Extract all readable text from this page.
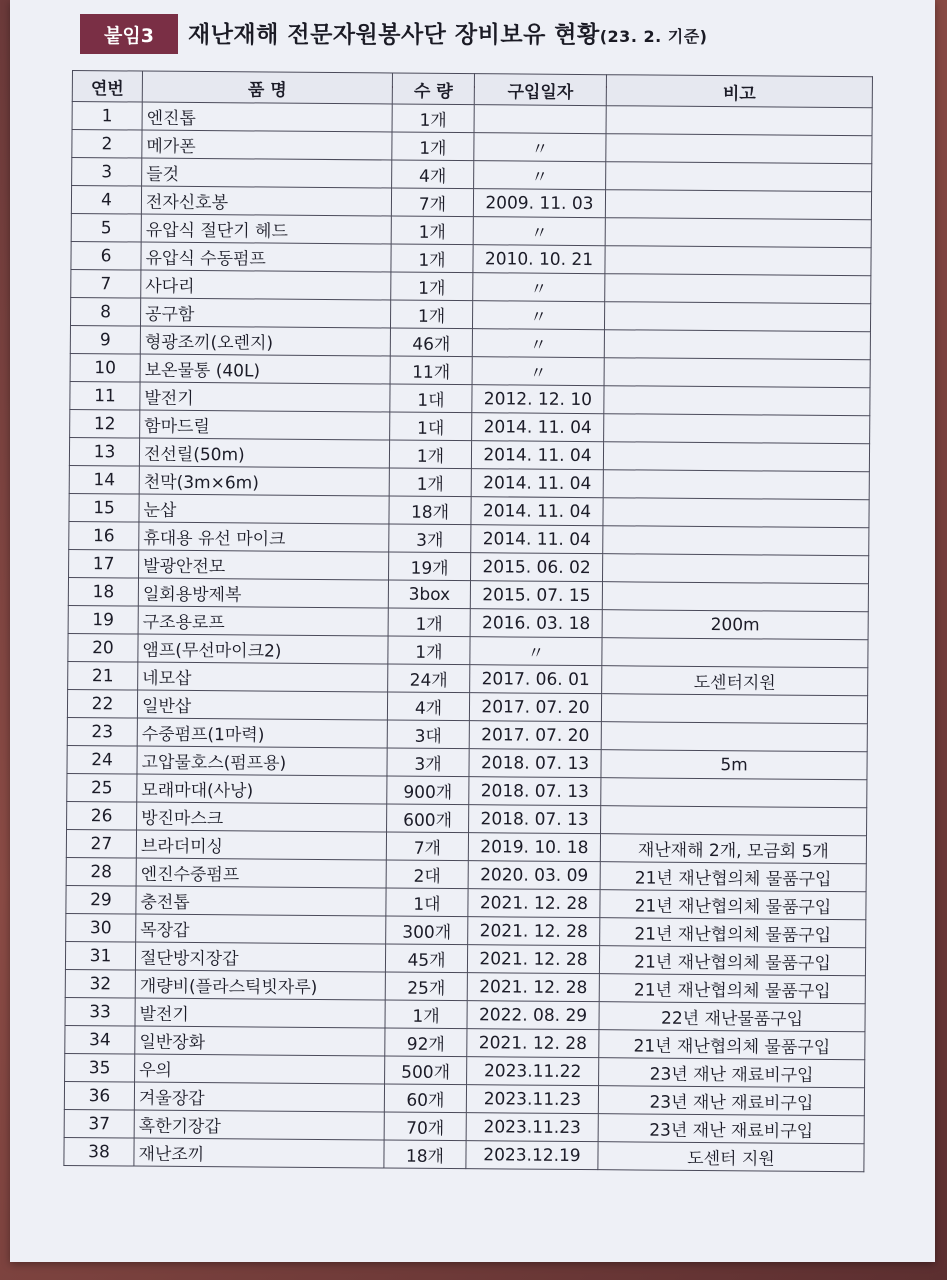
붙임3	재난재해 전문자원봉사단 장비보유 현황(23. 2. 기준)
연번	품 명	수 량	구입일자	비고
1	엔진톱	1개		
2	메가폰	1개	〃	
3	들것	4개	〃	
4	전자신호봉	7개	2009. 11. 03	
5	유압식 절단기 헤드	1개	〃	
6	유압식 수동펌프	1개	2010. 10. 21	
7	사다리	1개	〃	
8	공구함	1개	〃	
9	형광조끼(오렌지)	46개	〃	
10	보온물통 (40L)	11개	〃	
11	발전기	1대	2012. 12. 10	
12	함마드릴	1대	2014. 11. 04	
13	전선릴(50m)	1개	2014. 11. 04	
14	천막(3m×6m)	1개	2014. 11. 04	
15	눈삽	18개	2014. 11. 04	
16	휴대용 유선 마이크	3개	2014. 11. 04	
17	발광안전모	19개	2015. 06. 02	
18	일회용방제복	3box	2015. 07. 15	
19	구조용로프	1개	2016. 03. 18	200m
20	앰프(무선마이크2)	1개	〃	
21	네모삽	24개	2017. 06. 01	도센터지원
22	일반삽	4개	2017. 07. 20	
23	수중펌프(1마력)	3대	2017. 07. 20	
24	고압물호스(펌프용)	3개	2018. 07. 13	5m
25	모래마대(사낭)	900개	2018. 07. 13	
26	방진마스크	600개	2018. 07. 13	
27	브라더미싱	7개	2019. 10. 18	재난재해 2개, 모금회 5개
28	엔진수중펌프	2대	2020. 03. 09	21년 재난협의체 물품구입
29	충전톱	1대	2021. 12. 28	21년 재난협의체 물품구입
30	목장갑	300개	2021. 12. 28	21년 재난협의체 물품구입
31	절단방지장갑	45개	2021. 12. 28	21년 재난협의체 물품구입
32	개량비(플라스틱빗자루)	25개	2021. 12. 28	21년 재난협의체 물품구입
33	발전기	1개	2022. 08. 29	22년 재난물품구입
34	일반장화	92개	2021. 12. 28	21년 재난협의체 물품구입
35	우의	500개	2023.11.22	23년 재난 재료비구입
36	겨울장갑	60개	2023.11.23	23년 재난 재료비구입
37	혹한기장갑	70개	2023.11.23	23년 재난 재료비구입
38	재난조끼	18개	2023.12.19	도센터 지원
